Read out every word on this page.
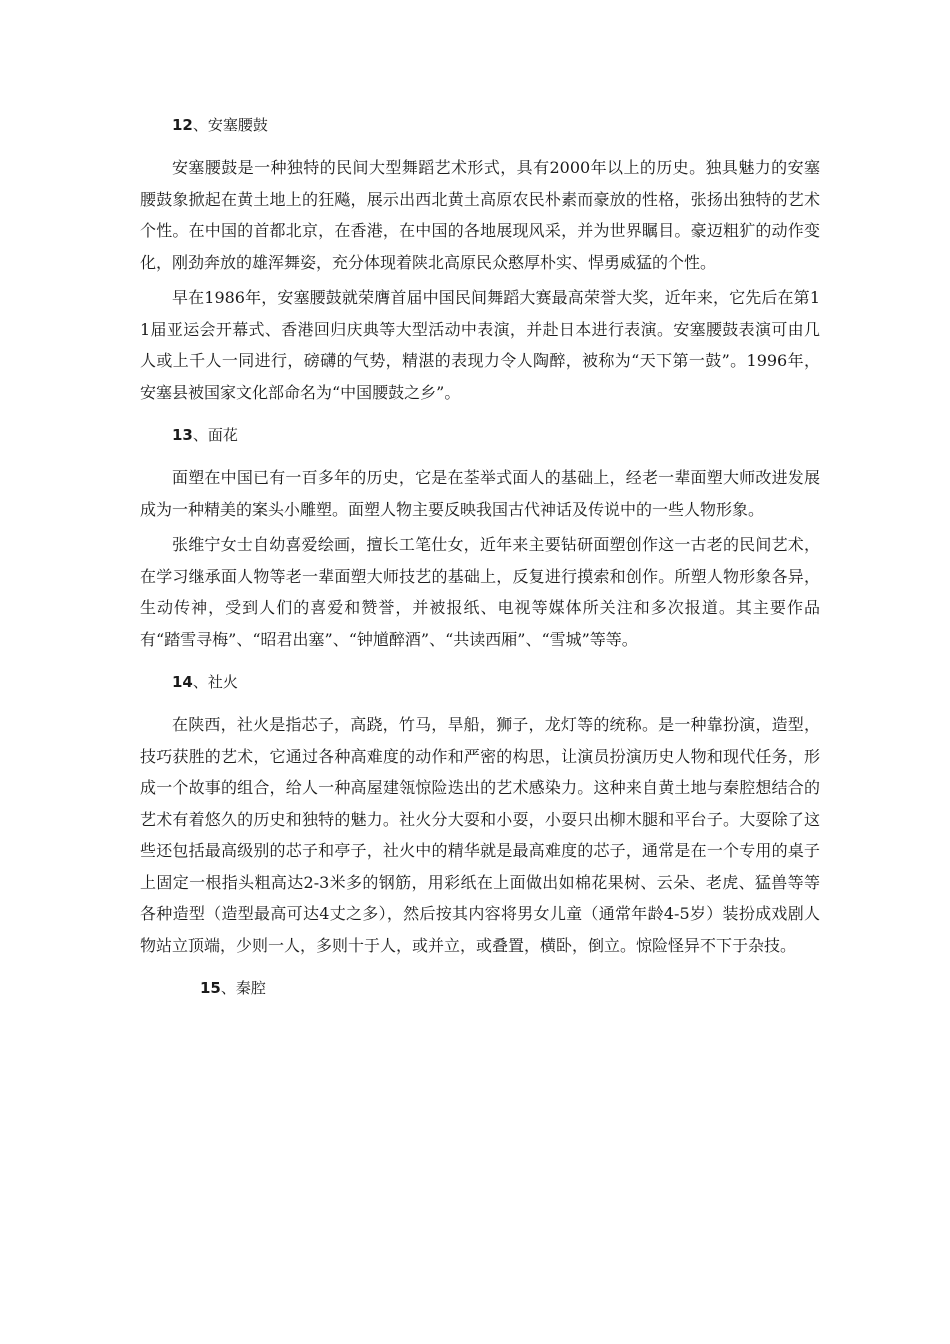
12、安塞腰鼓

安塞腰鼓是一种独特的民间大型舞蹈艺术形式，具有2000年以上的历史。独具魅力的安塞腰鼓象掀起在黄土地上的狂飚，展示出西北黄土高原农民朴素而豪放的性格，张扬出独特的艺术个性。在中国的首都北京，在香港，在中国的各地展现风采，并为世界瞩目。豪迈粗犷的动作变化，刚劲奔放的雄浑舞姿，充分体现着陕北高原民众憨厚朴实、悍勇威猛的个性。

早在1986年，安塞腰鼓就荣膺首届中国民间舞蹈大赛最高荣誉大奖，近年来，它先后在第11届亚运会开幕式、香港回归庆典等大型活动中表演，并赴日本进行表演。安塞腰鼓表演可由几人或上千人一同进行，磅礴的气势，精湛的表现力令人陶醉，被称为“天下第一鼓”。1996年，安塞县被国家文化部命名为“中国腰鼓之乡”。

13、面花

面塑在中国已有一百多年的历史，它是在荃举式面人的基础上，经老一辈面塑大师改进发展成为一种精美的案头小雕塑。面塑人物主要反映我国古代神话及传说中的一些人物形象。

张维宁女士自幼喜爱绘画，擅长工笔仕女，近年来主要钻研面塑创作这一古老的民间艺术，在学习继承面人物等老一辈面塑大师技艺的基础上，反复进行摸索和创作。所塑人物形象各异，生动传神，受到人们的喜爱和赞誉，并被报纸、电视等媒体所关注和多次报道。其主要作品有“踏雪寻梅”、“昭君出塞”、“钟馗醉酒”、“共读西厢”、“雪城”等等。

14、社火

在陕西，社火是指芯子，高跷，竹马，旱船，狮子，龙灯等的统称。是一种靠扮演，造型，技巧获胜的艺术，它通过各种高难度的动作和严密的构思，让演员扮演历史人物和现代任务，形成一个故事的组合，给人一种高屋建瓴惊险迭出的艺术感染力。这种来自黄土地与秦腔想结合的艺术有着悠久的历史和独特的魅力。社火分大耍和小耍，小耍只出柳木腿和平台子。大耍除了这些还包括最高级别的芯子和亭子，社火中的精华就是最高难度的芯子，通常是在一个专用的桌子上固定一根指头粗高达2-3米多的钢筋，用彩纸在上面做出如棉花果树、云朵、老虎、猛兽等等各种造型（造型最高可达4丈之多），然后按其内容将男女儿童（通常年龄4-5岁）装扮成戏剧人物站立顶端，少则一人，多则十于人，或并立，或叠置，横卧，倒立。惊险怪异不下于杂技。

15、秦腔
